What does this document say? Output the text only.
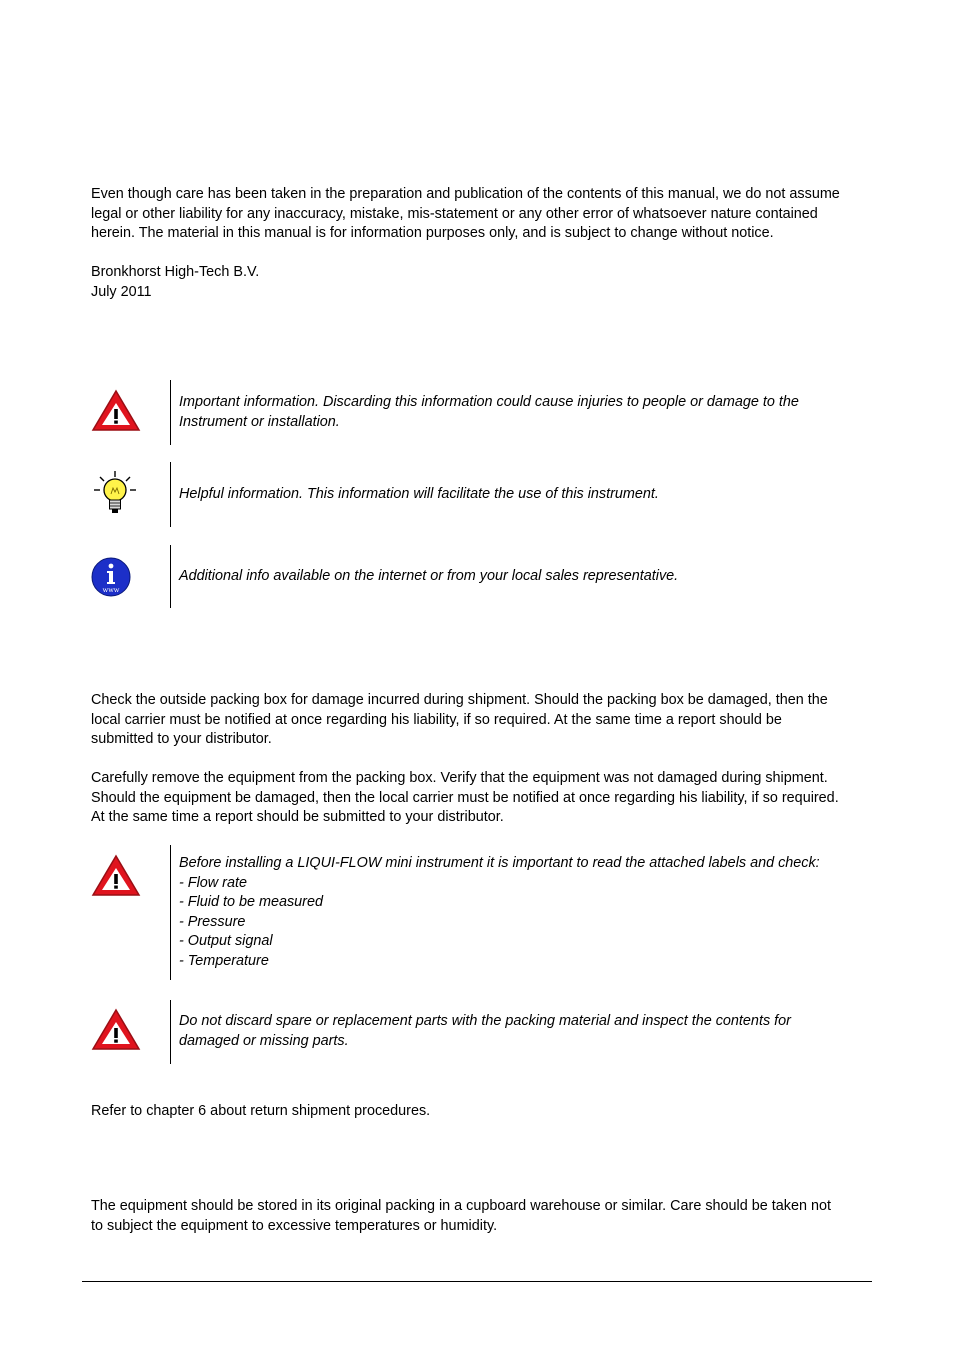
Even though care has been taken in the preparation and publication of the contents of this manual, we do not assume
legal or other liability for any inaccuracy, mistake, mis-statement or any other error of whatsoever nature contained
herein. The material in this manual is for information purposes only, and is subject to change without notice.
Bronkhorst High-Tech B.V.
July 2011
Important information. Discarding this information could cause injuries to people or damage to the
Instrument or installation.
Helpful information. This information will facilitate the use of this instrument.
www
Additional info available on the internet or from your local sales representative.
Check the outside packing box for damage incurred during shipment. Should the packing box be damaged, then the
local carrier must be notified at once regarding his liability, if so required. At the same time a report should be
submitted to your distributor.
Carefully remove the equipment from the packing box. Verify that the equipment was not damaged during shipment.
Should the equipment be damaged, then the local carrier must be notified at once regarding his liability, if so required.
At the same time a report should be submitted to your distributor.
Before installing a LIQUI-FLOW mini instrument it is important to read the attached labels and check:
- Flow rate
- Fluid to be measured
- Pressure
- Output signal
- Temperature
Do not discard spare or replacement parts with the packing material and inspect the contents for
damaged or missing parts.
Refer to chapter 6 about return shipment procedures.
The equipment should be stored in its original packing in a cupboard warehouse or similar. Care should be taken not
to subject the equipment to excessive temperatures or humidity.
